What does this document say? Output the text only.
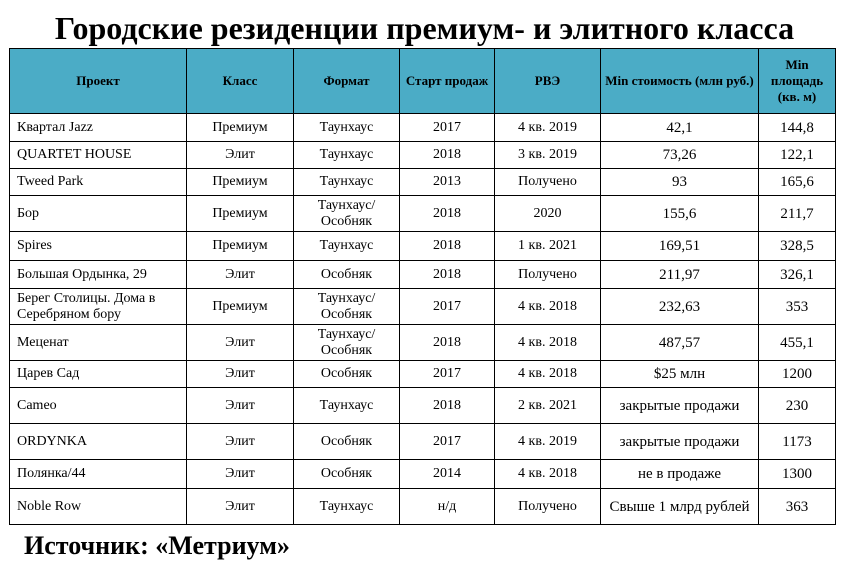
Городские резиденции премиум- и элитного класса
Проект	Класс	Формат	Старт продаж	РВЭ	Min стоимость (млн руб.)	Min площадь (кв. м)
Квартал Jazz	Премиум	Таунхаус	2017	4 кв. 2019	42,1	144,8
QUARTET HOUSE	Элит	Таунхаус	2018	3 кв. 2019	73,26	122,1
Tweed Park	Премиум	Таунхаус	2013	Получено	93	165,6
Бор	Премиум	Таунхаус/ Особняк	2018	2020	155,6	211,7
Spires	Премиум	Таунхаус	2018	1 кв. 2021	169,51	328,5
Большая Ордынка, 29	Элит	Особняк	2018	Получено	211,97	326,1
Берег Столицы. Дома в Серебряном бору	Премиум	Таунхаус/ Особняк	2017	4 кв. 2018	232,63	353
Меценат	Элит	Таунхаус/ Особняк	2018	4 кв. 2018	487,57	455,1
Царев Сад	Элит	Особняк	2017	4 кв. 2018	$25 млн	1200
Cameo	Элит	Таунхаус	2018	2 кв. 2021	закрытые продажи	230
ORDYNKA	Элит	Особняк	2017	4 кв. 2019	закрытые продажи	1173
Полянка/44	Элит	Особняк	2014	4 кв. 2018	не в продаже	1300
Noble Row	Элит	Таунхаус	н/д	Получено	Свыше 1 млрд рублей	363
Источник: «Метриум»
